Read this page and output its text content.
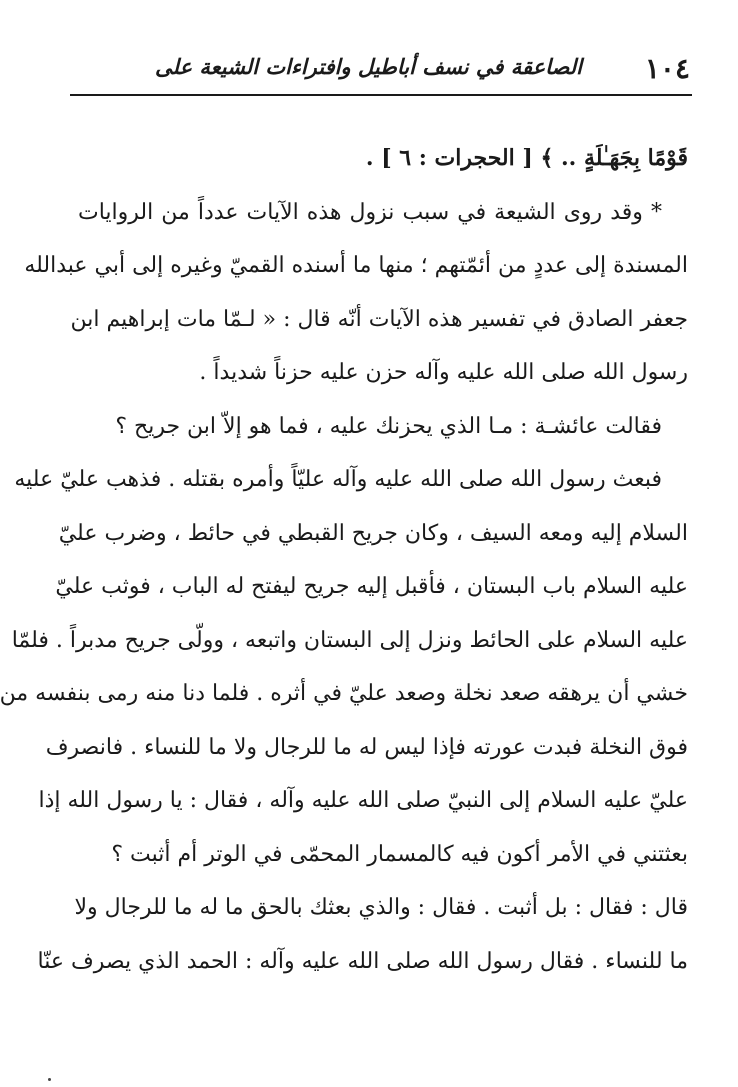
١٠٤
الصاعقة في نسف أباطيل وافتراءات الشيعة على
قَوْمًا بِجَهَـٰلَةٍ .. ﴾ [ الحجرات : ٦ ] .
* وقد روى الشيعة في سبب نزول هذه الآيات عدداً من الروايات
المسندة إلى عددٍ من أئمّتهم ؛ منها ما أسنده القميّ وغيره إلى أبي عبدالله
جعفر الصادق في تفسير هذه الآيات أنّه قال : « لـمّا مات إبراهيم ابن
رسول الله صلى الله عليه وآله حزن عليه حزناً شديداً .
فقالت عائشـة : مـا الذي يحزنك عليه ، فما هو إلاّ ابن جريح ؟
فبعث رسول الله صلى الله عليه وآله عليّاً وأمره بقتله . فذهب عليّ عليه
السلام إليه ومعه السيف ، وكان جريح القبطي في حائط ، وضرب عليّ
عليه السلام باب البستان ، فأقبل إليه جريح ليفتح له الباب ، فوثب عليّ
عليه السلام على الحائط ونزل إلى البستان واتبعه ، وولّى جريح مدبراً . فلمّا
خشي أن يرهقه صعد نخلة وصعد عليّ في أثره . فلما دنا منه رمى بنفسه من
فوق النخلة فبدت عورته فإذا ليس له ما للرجال ولا ما للنساء . فانصرف
عليّ عليه السلام إلى النبيّ صلى الله عليه وآله ، فقال : يا رسول الله إذا
بعثتني في الأمر أكون فيه كالمسمار المحمّى في الوتر أم أثبت ؟
قال : فقال : بل أثبت . فقال : والذي بعثك بالحق ما له ما للرجال ولا
ما للنساء . فقال رسول الله صلى الله عليه وآله : الحمد الذي يصرف عنّا
